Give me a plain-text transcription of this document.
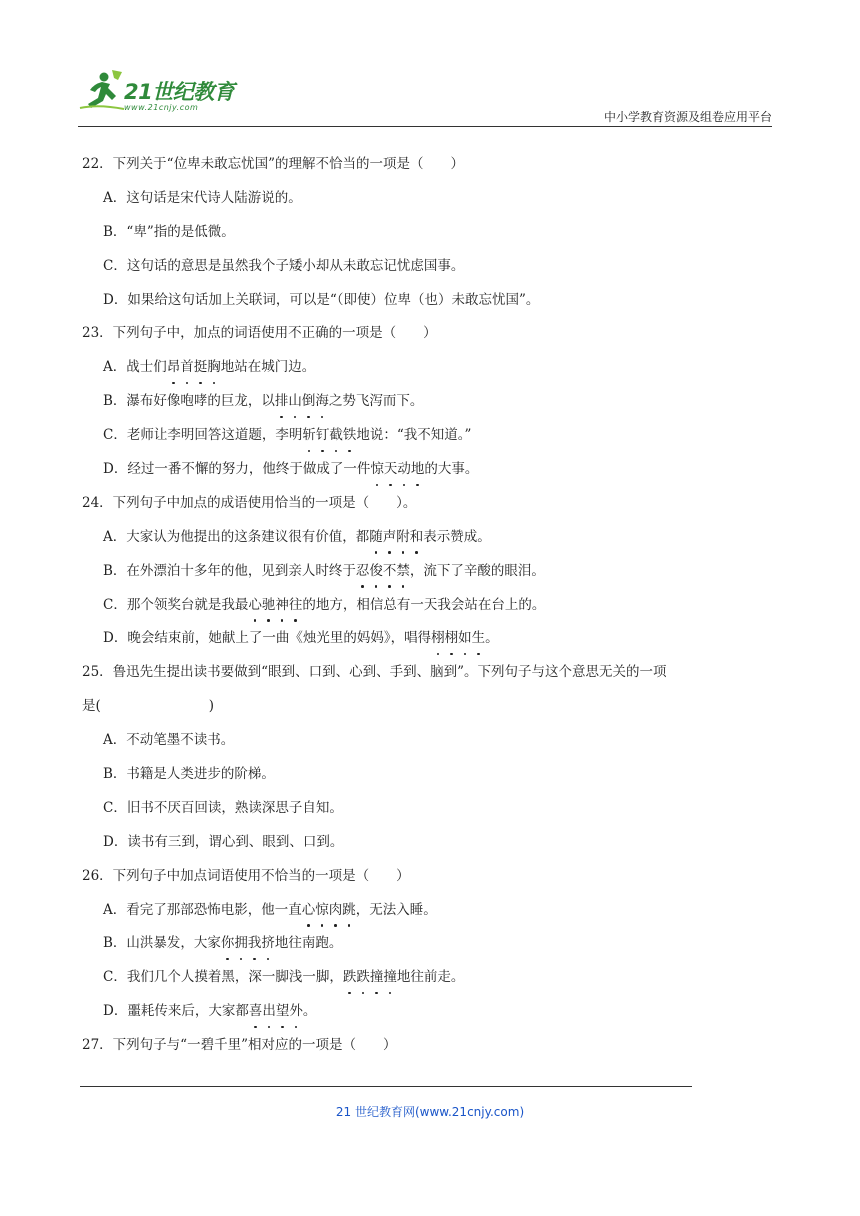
21世纪教育
www.21cnjy.com
中小学教育资源及组卷应用平台
22．下列关于“位卑未敢忘忧国”的理解不恰当的一项是（　　）
A．这句话是宋代诗人陆游说的。
B．“卑”指的是低微。
C．这句话的意思是虽然我个子矮小却从未敢忘记忧虑国事。
D．如果给这句话加上关联词，可以是“（即使）位卑（也）未敢忘忧国”。
23．下列句子中，加点的词语使用不正确的一项是（　　）
A．战士们昂首挺胸地站在城门边。
B．瀑布好像咆哮的巨龙，以排山倒海之势飞泻而下。
C．老师让李明回答这道题，李明斩钉截铁地说：“我不知道。”
D．经过一番不懈的努力，他终于做成了一件惊天动地的大事。
24．下列句子中加点的成语使用恰当的一项是（　　）。
A．大家认为他提出的这条建议很有价值，都随声附和表示赞成。
B．在外漂泊十多年的他，见到亲人时终于忍俊不禁，流下了辛酸的眼泪。
C．那个领奖台就是我最心驰神往的地方，相信总有一天我会站在台上的。
D．晚会结束前，她献上了一曲《烛光里的妈妈》，唱得栩栩如生。
25．鲁迅先生提出读书要做到“眼到、口到、心到、手到、脑到”。下列句子与这个意思无关的一项
是(　　　　　　　　)
A．不动笔墨不读书。
B．书籍是人类进步的阶梯。
C．旧书不厌百回读，熟读深思子自知。
D．读书有三到，谓心到、眼到、口到。
26．下列句子中加点词语使用不恰当的一项是（　　）
A．看完了那部恐怖电影，他一直心惊肉跳，无法入睡。
B．山洪暴发，大家你拥我挤地往南跑。
C．我们几个人摸着黑，深一脚浅一脚，跌跌撞撞地往前走。
D．噩耗传来后，大家都喜出望外。
27．下列句子与“一碧千里”相对应的一项是（　　）
21 世纪教育网(www.21cnjy.com)
